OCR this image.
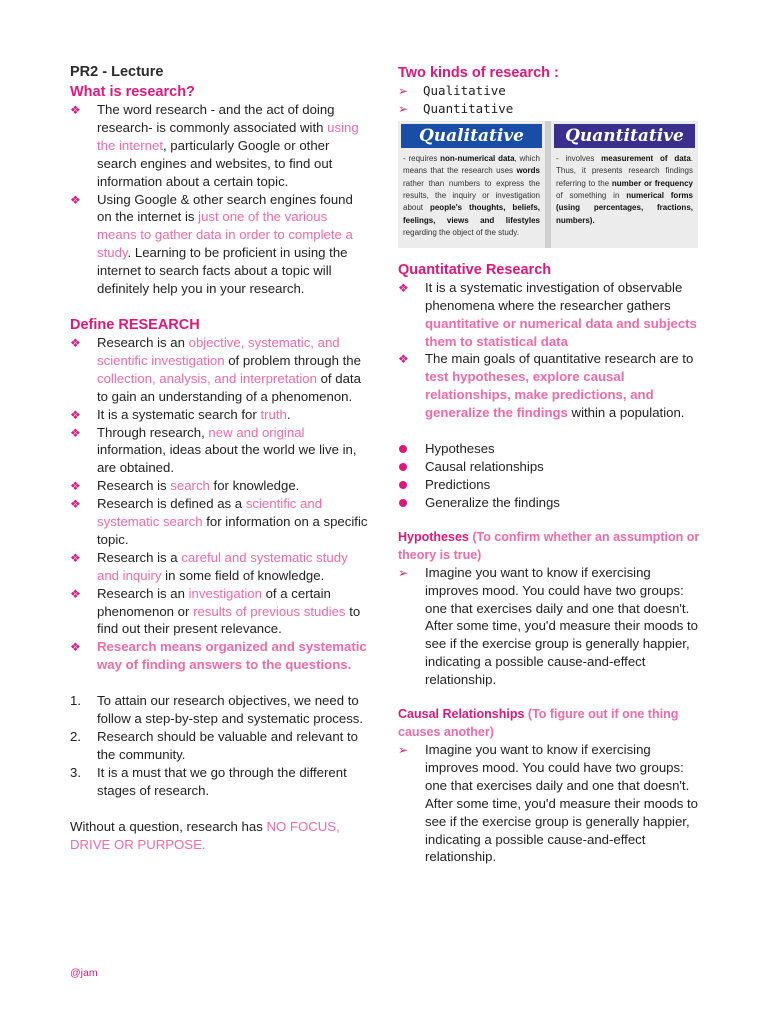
PR2 - Lecture
What is research?
❖ The word research - and the act of doing research- is commonly associated with using the internet, particularly Google or other search engines and websites, to find out information about a certain topic.
❖ Using Google & other search engines found on the internet is just one of the various means to gather data in order to complete a study. Learning to be proficient in using the internet to search facts about a topic will definitely help you in your research.
Define RESEARCH
❖ Research is an objective, systematic, and scientific investigation of problem through the collection, analysis, and interpretation of data to gain an understanding of a phenomenon.
❖ It is a systematic search for truth.
❖ Through research, new and original information, ideas about the world we live in, are obtained.
❖ Research is search for knowledge.
❖ Research is defined as a scientific and systematic search for information on a specific topic.
❖ Research is a careful and systematic study and inquiry in some field of knowledge.
❖ Research is an investigation of a certain phenomenon or results of previous studies to find out their present relevance.
❖ Research means organized and systematic way of finding answers to the questions.
1. To attain our research objectives, we need to follow a step-by-step and systematic process.
2. Research should be valuable and relevant to the community.
3. It is a must that we go through the different stages of research.

Without a question, research has NO FOCUS, DRIVE OR PURPOSE.

Two kinds of research :
➢ Qualitative
➢ Quantitative
Qualitative
- requires non-numerical data, which means that the research uses words rather than numbers to express the results, the inquiry or investigation about people's thoughts, beliefs, feelings, views and lifestyles regarding the object of the study.
Quantitative
- involves measurement of data. Thus, it presents research findings referring to the number or frequency of something in numerical forms (using percentages, fractions, numbers).
Quantitative Research
❖ It is a systematic investigation of observable phenomena where the researcher gathers quantitative or numerical data and subjects them to statistical data
❖ The main goals of quantitative research are to test hypotheses, explore causal relationships, make predictions, and generalize the findings within a population.
Hypotheses
Causal relationships
Predictions
Generalize the findings
Hypotheses (To confirm whether an assumption or theory is true)
➢ Imagine you want to know if exercising improves mood. You could have two groups: one that exercises daily and one that doesn't. After some time, you'd measure their moods to see if the exercise group is generally happier, indicating a possible cause-and-effect relationship.
Causal Relationships (To figure out if one thing causes another)
➢ Imagine you want to know if exercising improves mood. You could have two groups: one that exercises daily and one that doesn't. After some time, you'd measure their moods to see if the exercise group is generally happier, indicating a possible cause-and-effect relationship.
@jam
